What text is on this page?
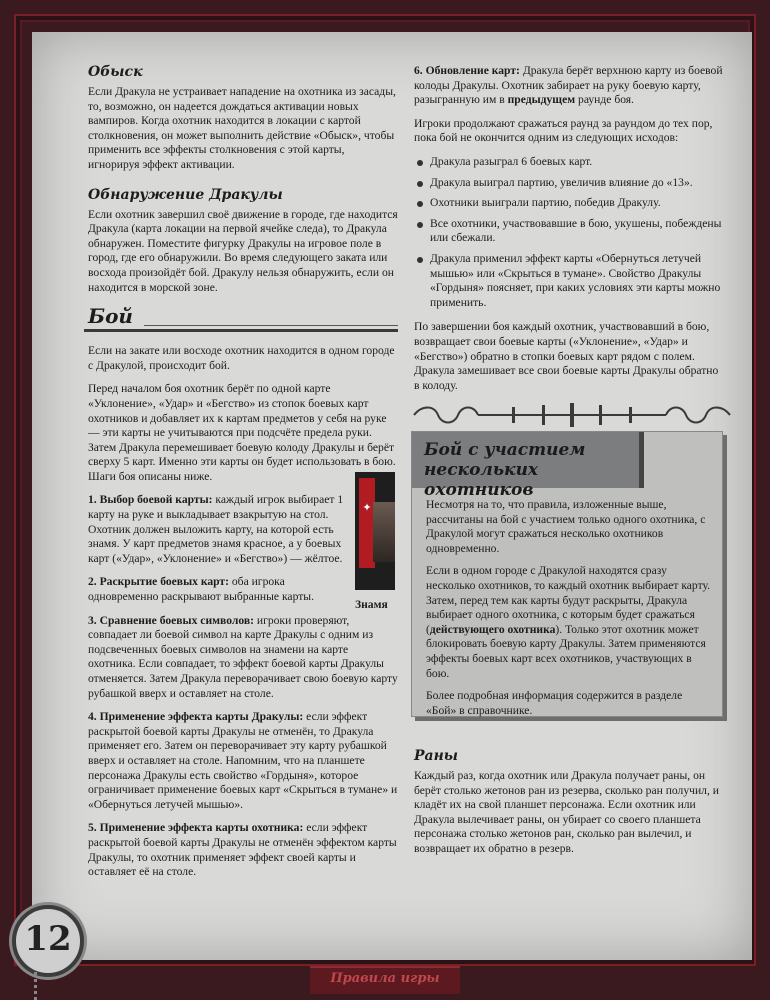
Обыск

Если Дракула не устраивает нападение на охотника из засады, то, возможно, он надеется дождаться активации новых вампиров. Когда охотник находится в локации с картой столкновения, он может выполнить действие «Обыск», чтобы применить все эффекты столкновения с этой карты, игнорируя эффект активации.

Обнаружение Дракулы

Если охотник завершил своё движение в городе, где находится Дракула (карта локации на первой ячейке следа), то Дракула обнаружен. Поместите фигурку Дракулы на игровое поле в город, где его обнаружили. Во время следующего заката или восхода произойдёт бой. Дракулу нельзя обнаружить, если он находится в морской зоне.

Бой

Если на закате или восходе охотник находится в одном городе с Дракулой, происходит бой.

Перед началом боя охотник берёт по одной карте «Уклонение», «Удар» и «Бегство» из стопок боевых карт охотников и добавляет их к картам предметов у себя на руке — эти карты не учитываются при подсчёте предела руки. Затем Дракула перемешивает боевую колоду Дракулы и берёт сверху 5 карт. Именно эти карты он будет использовать в бою. Шаги боя описаны ниже.

1. Выбор боевой карты: каждый игрок выбирает 1 карту на руке и выкладывает взакрытую на стол. Охотник должен выложить карту, на которой есть знамя. У карт предметов знамя красное, а у боевых карт («Удар», «Уклонение» и «Бегство») — жёлтое.

2. Раскрытие боевых карт: оба игрока одновременно раскрывают выбранные карты.

3. Сравнение боевых символов: игроки проверяют, совпадает ли боевой символ на карте Дракулы с одним из подсвеченных боевых символов на знамени на карте охотника. Если совпадает, то эффект боевой карты Дракулы отменяется. Затем Дракула переворачивает свою боевую карту рубашкой вверх и оставляет на столе.

4. Применение эффекта карты Дракулы: если эффект раскрытой боевой карты Дракулы не отменён, то Дракула применяет его. Затем он переворачивает эту карту рубашкой вверх и оставляет на столе. Напомним, что на планшете персонажа Дракулы есть свойство «Гордыня», которое ограничивает применение боевых карт «Скрыться в тумане» и «Обернуться летучей мышью».

5. Применение эффекта карты охотника: если эффект раскрытой боевой карты Дракулы не отменён эффектом карты Дракулы, то охотник применяет эффект своей карты и оставляет её на столе.

✦
Знамя

6. Обновление карт: Дракула берёт верхнюю карту из боевой колоды Дракулы. Охотник забирает на руку боевую карту, разыгранную им в предыдущем раунде боя.

Игроки продолжают сражаться раунд за раундом до тех пор, пока бой не окончится одним из следующих исходов:

Дракула разыграл 6 боевых карт.
Дракула выиграл партию, увеличив влияние до «13».
Охотники выиграли партию, победив Дракулу.
Все охотники, участвовавшие в бою, укушены, побеждены или сбежали.
Дракула применил эффект карты «Обернуться летучей мышью» или «Скрыться в тумане». Свойство Дракулы «Гордыня» поясняет, при каких условиях эти карты можно применить.

По завершении боя каждый охотник, участвовавший в бою, возвращает свои боевые карты («Уклонение», «Удар» и «Бегство») обратно в стопки боевых карт рядом с полем. Дракула замешивает все свои боевые карты Дракулы обратно в колоду.

Бой с участием нескольких охотников

Несмотря на то, что правила, изложенные выше, рассчитаны на бой с участием только одного охотника, с Дракулой могут сражаться несколько охотников одновременно.

Если в одном городе с Дракулой находятся сразу несколько охотников, то каждый охотник выбирает карту. Затем, перед тем как карты будут раскрыты, Дракула выбирает одного охотника, с которым будет сражаться (действующего охотника). Только этот охотник может блокировать боевую карту Дракулы. Затем применяются эффекты боевых карт всех охотников, участвующих в бою.

Более подробная информация содержится в разделе «Бой» в справочнике.

Раны

Каждый раз, когда охотник или Дракула получает раны, он берёт столько жетонов ран из резерва, сколько ран получил, и кладёт их на свой планшет персонажа. Если охотник или Дракула вылечивает раны, он убирает со своего планшета персонажа столько жетонов ран, сколько ран вылечил, и возвращает их обратно в резерв.

12
Правила игры
